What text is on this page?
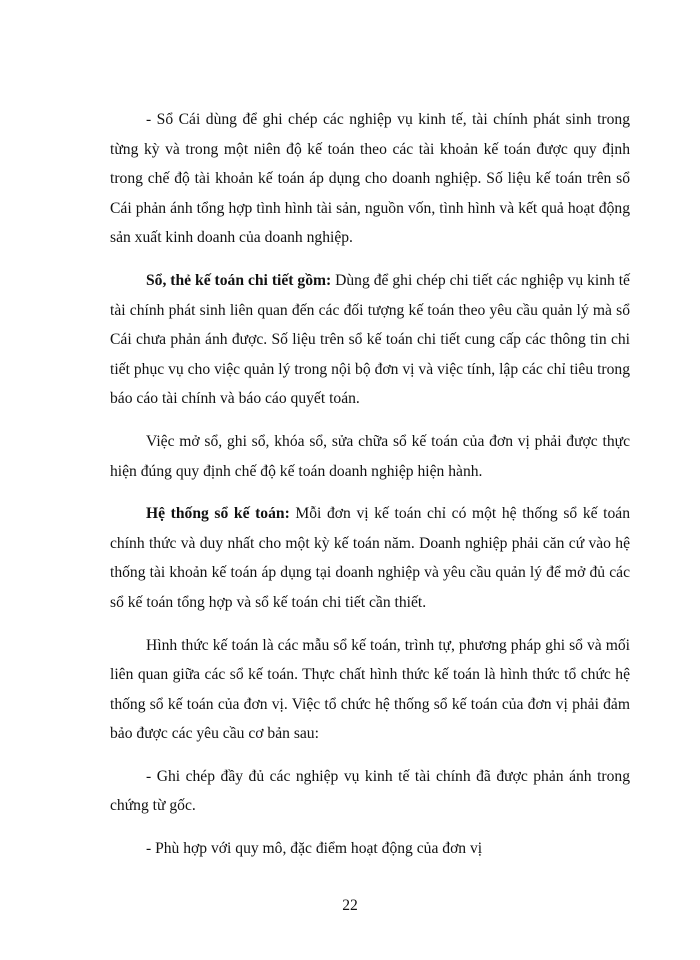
- Sổ Cái dùng để ghi chép các nghiệp vụ kinh tế, tài chính phát sinh trong từng kỳ và trong một niên độ kế toán theo các tài khoản kế toán được quy định trong chế độ tài khoản kế toán áp dụng cho doanh nghiệp. Số liệu kế toán trên sổ Cái phản ánh tổng hợp tình hình tài sản, nguồn vốn, tình hình và kết quả hoạt động sản xuất kinh doanh của doanh nghiệp.

Sổ, thẻ kế toán chi tiết gồm: Dùng để ghi chép chi tiết các nghiệp vụ kinh tế tài chính phát sinh liên quan đến các đối tượng kế toán theo yêu cầu quản lý mà sổ Cái chưa phản ánh được. Số liệu trên sổ kế toán chi tiết cung cấp các thông tin chi tiết phục vụ cho việc quản lý trong nội bộ đơn vị và việc tính, lập các chỉ tiêu trong báo cáo tài chính và báo cáo quyết toán.

Việc mở sổ, ghi sổ, khóa sổ, sửa chữa sổ kế toán của đơn vị phải được thực hiện đúng quy định chế độ kế toán doanh nghiệp hiện hành.

Hệ thống sổ kế toán: Mỗi đơn vị kế toán chỉ có một hệ thống sổ kế toán chính thức và duy nhất cho một kỳ kế toán năm. Doanh nghiệp phải căn cứ vào hệ thống tài khoản kế toán áp dụng tại doanh nghiệp và yêu cầu quản lý để mở đủ các sổ kế toán tổng hợp và sổ kế toán chi tiết cần thiết.

Hình thức kế toán là các mẫu sổ kế toán, trình tự, phương pháp ghi sổ và mối liên quan giữa các sổ kế toán. Thực chất hình thức kế toán là hình thức tổ chức hệ thống sổ kế toán của đơn vị. Việc tổ chức hệ thống sổ kế toán của đơn vị phải đảm bảo được các yêu cầu cơ bản sau:

- Ghi chép đầy đủ các nghiệp vụ kinh tế tài chính đã được phản ánh trong chứng từ gốc.

- Phù hợp với quy mô, đặc điểm hoạt động của đơn vị

22
